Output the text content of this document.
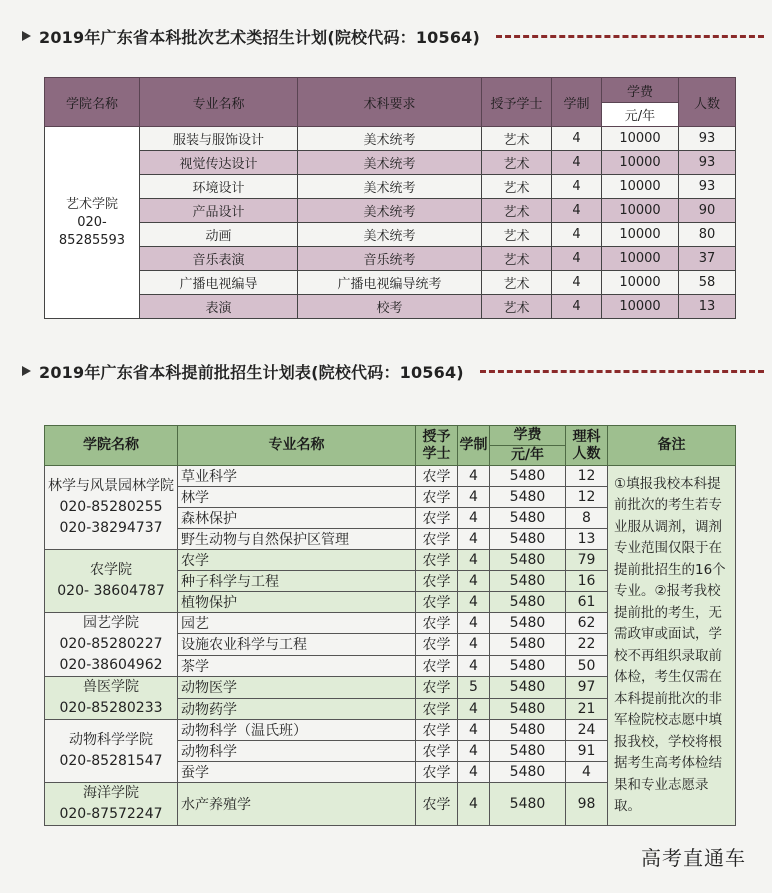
2019年广东省本科批次艺术类招生计划(院校代码：10564)
学院名称	专业名称	术科要求	授予学士	学制	学费	人数
					元/年	

艺术学院
020-85285593	服装与服饰设计	美术统考	艺术	4	10000	93
	视觉传达设计	美术统考	艺术	4	10000	93
	环境设计	美术统考	艺术	4	10000	93
	产品设计	美术统考	艺术	4	10000	90
	动画	美术统考	艺术	4	10000	80
	音乐表演	音乐统考	艺术	4	10000	37
	广播电视编导	广播电视编导统考	艺术	4	10000	58
	表演	校考	艺术	4	10000	13
2019年广东省本科提前批招生计划表(院校代码：10564)
学院名称	专业名称	授予学士	学制	学费	理科人数	备注
				元/年		

林学与风景园林学院
020-85280255
020-38294737	草业科学	农学	4	5480	12	①填报我校本科提前批次的考生若专业服从调剂，调剂专业范围仅限于在提前批招生的16个专业。②报考我校提前批的考生，无需政审或面试，学校不再组织录取前体检，考生仅需在本科提前批次的非军检院校志愿中填报我校，学校将根据考生高考体检结果和专业志愿录取。
	林学	农学	4	5480	12	
	森林保护	农学	4	5480	8	
	野生动物与自然保护区管理	农学	4	5480	13	

农学院
020- 38604787	农学	农学	4	5480	79	
	种子科学与工程	农学	4	5480	16	
	植物保护	农学	4	5480	61	

园艺学院
020-85280227
020-38604962	园艺	农学	4	5480	62	
	设施农业科学与工程	农学	4	5480	22	
	茶学	农学	4	5480	50	

兽医学院
020-85280233	动物医学	农学	5	5480	97	
	动物药学	农学	4	5480	21	

动物科学学院
020-85281547	动物科学（温氏班）	农学	4	5480	24	
	动物科学	农学	4	5480	91	
	蚕学	农学	4	5480	4	

海洋学院
020-87572247	水产养殖学	农学	4	5480	98	
高考直通车
